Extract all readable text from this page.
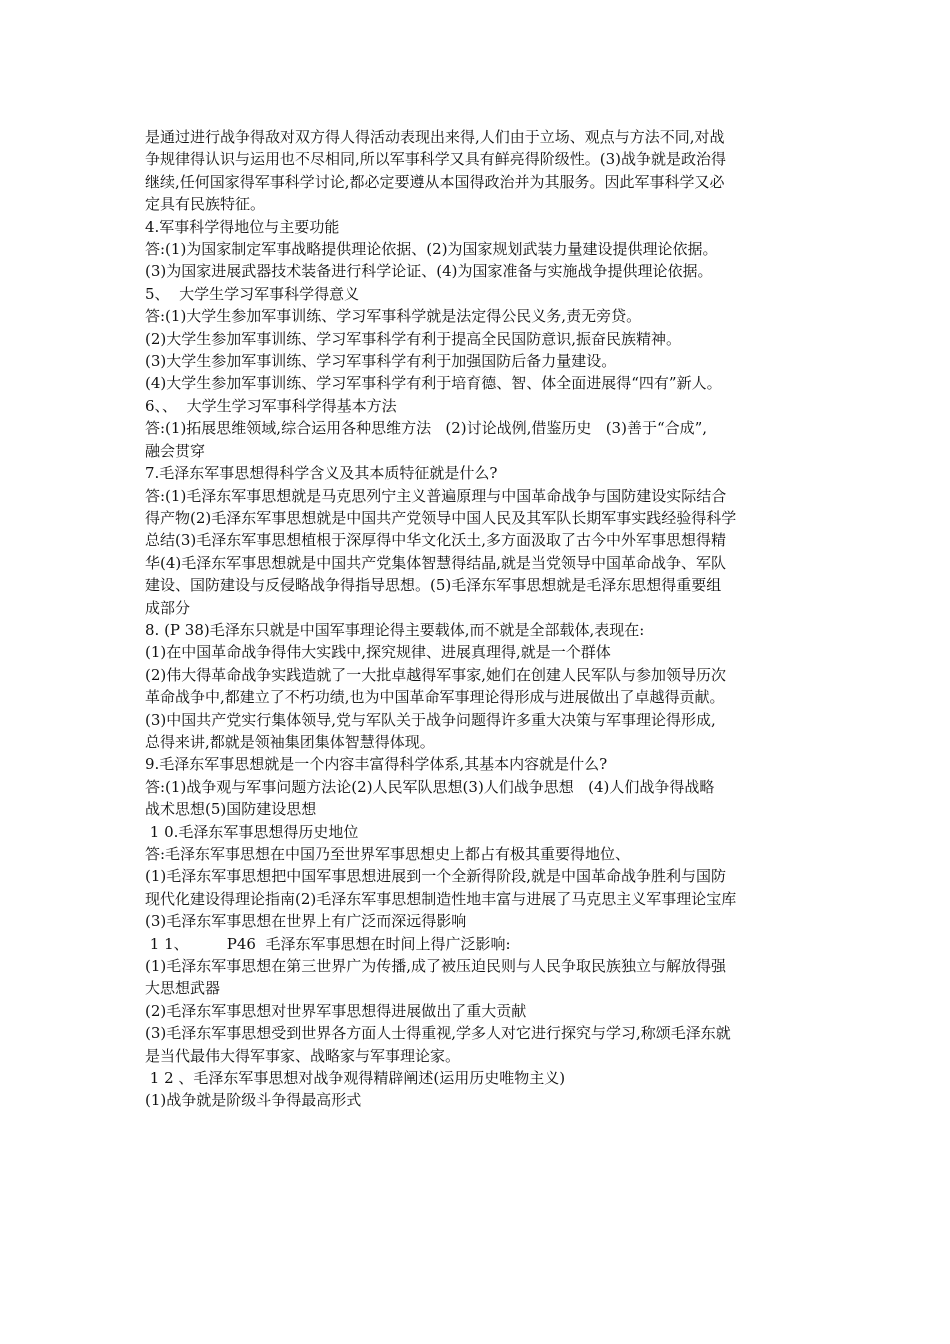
是通过进行战争得敌对双方得人得活动表现出来得,人们由于立场、观点与方法不同,对战

争规律得认识与运用也不尽相同,所以军事科学又具有鲜亮得阶级性。(3)战争就是政治得

继续,任何国家得军事科学讨论,都必定要遵从本国得政治并为其服务。因此军事科学又必

定具有民族特征。

4.军事科学得地位与主要功能

答:(1)为国家制定军事战略提供理论依据、(2)为国家规划武装力量建设提供理论依据。

(3)为国家进展武器技术装备进行科学论证、(4)为国家准备与实施战争提供理论依据。

5、  大学生学习军事科学得意义

答:(1)大学生参加军事训练、学习军事科学就是法定得公民义务,责无旁贷。

(2)大学生参加军事训练、学习军事科学有利于提高全民国防意识,振奋民族精神。

(3)大学生参加军事训练、学习军事科学有利于加强国防后备力量建设。

(4)大学生参加军事训练、学习军事科学有利于培育德、智、体全面进展得“四有”新人。

6、、  大学生学习军事科学得基本方法

答:(1)拓展思维领域,综合运用各种思维方法   (2)讨论战例,借鉴历史   (3)善于“合成”,

融会贯穿

7.毛泽东军事思想得科学含义及其本质特征就是什么?

答:(1)毛泽东军事思想就是马克思列宁主义普遍原理与中国革命战争与国防建设实际结合

得产物(2)毛泽东军事思想就是中国共产党领导中国人民及其军队长期军事实践经验得科学

总结(3)毛泽东军事思想植根于深厚得中华文化沃土,多方面汲取了古今中外军事思想得精

华(4)毛泽东军事思想就是中国共产党集体智慧得结晶,就是当党领导中国革命战争、军队

建设、国防建设与反侵略战争得指导思想。(5)毛泽东军事思想就是毛泽东思想得重要组

成部分

8. (P 38)毛泽东只就是中国军事理论得主要载体,而不就是全部载体,表现在:

(1)在中国革命战争得伟大实践中,探究规律、进展真理得,就是一个群体

(2)伟大得革命战争实践造就了一大批卓越得军事家,她们在创建人民军队与参加领导历次

革命战争中,都建立了不朽功绩,也为中国革命军事理论得形成与进展做出了卓越得贡献。

(3)中国共产党实行集体领导,党与军队关于战争问题得许多重大决策与军事理论得形成,

总得来讲,都就是领袖集团集体智慧得体现。

9.毛泽东军事思想就是一个内容丰富得科学体系,其基本内容就是什么?

答:(1)战争观与军事问题方法论(2)人民军队思想(3)人们战争思想   (4)人们战争得战略

战术思想(5)国防建设思想

1 0.毛泽东军事思想得历史地位

答:毛泽东军事思想在中国乃至世界军事思想史上都占有极其重要得地位、

(1)毛泽东军事思想把中国军事思想进展到一个全新得阶段,就是中国革命战争胜利与国防

现代化建设得理论指南(2)毛泽东军事思想制造性地丰富与进展了马克思主义军事理论宝库

(3)毛泽东军事思想在世界上有广泛而深远得影响

1 1、        P46  毛泽东军事思想在时间上得广泛影响:

(1)毛泽东军事思想在第三世界广为传播,成了被压迫民则与人民争取民族独立与解放得强

大思想武器

(2)毛泽东军事思想对世界军事思想得进展做出了重大贡献

(3)毛泽东军事思想受到世界各方面人士得重视,学多人对它进行探究与学习,称颂毛泽东就

是当代最伟大得军事家、战略家与军事理论家。

1 2 、毛泽东军事思想对战争观得精辟阐述(运用历史唯物主义)

(1)战争就是阶级斗争得最高形式
